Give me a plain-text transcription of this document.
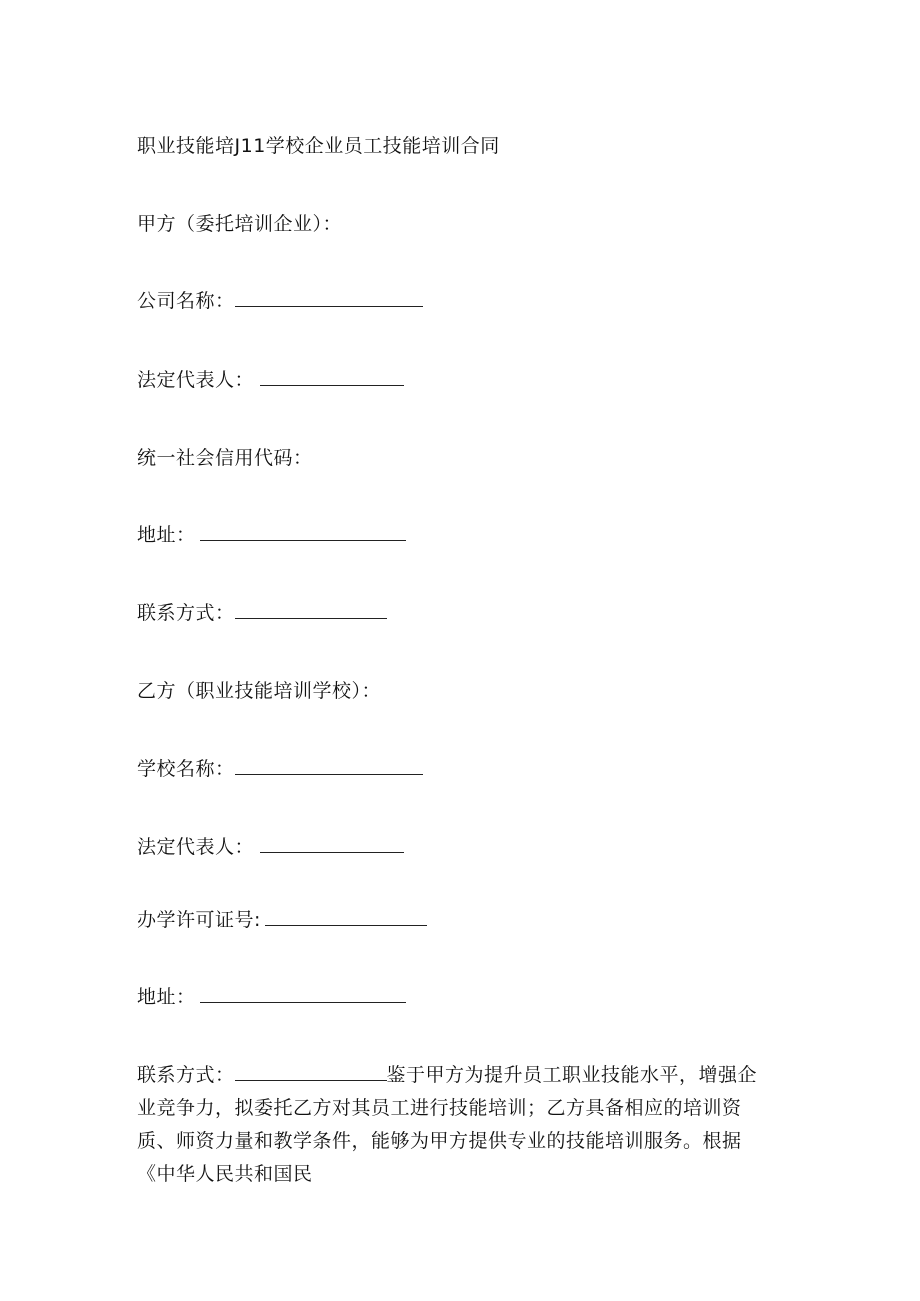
职业技能培J11学校企业员工技能培训合同
甲方（委托培训企业）：
公司名称：
法定代表人：
统一社会信用代码：
地址：
联系方式：
乙方（职业技能培训学校）：
学校名称：
法定代表人：
办学许可证号:
地址：
联系方式：	鉴于甲方为提升员工职业技能水平，增强企
业竞争力，拟委托乙方对其员工进行技能培训；乙方具备相应的培训资
质、师资力量和教学条件，能够为甲方提供专业的技能培训服务。根据
《中华人民共和国民
